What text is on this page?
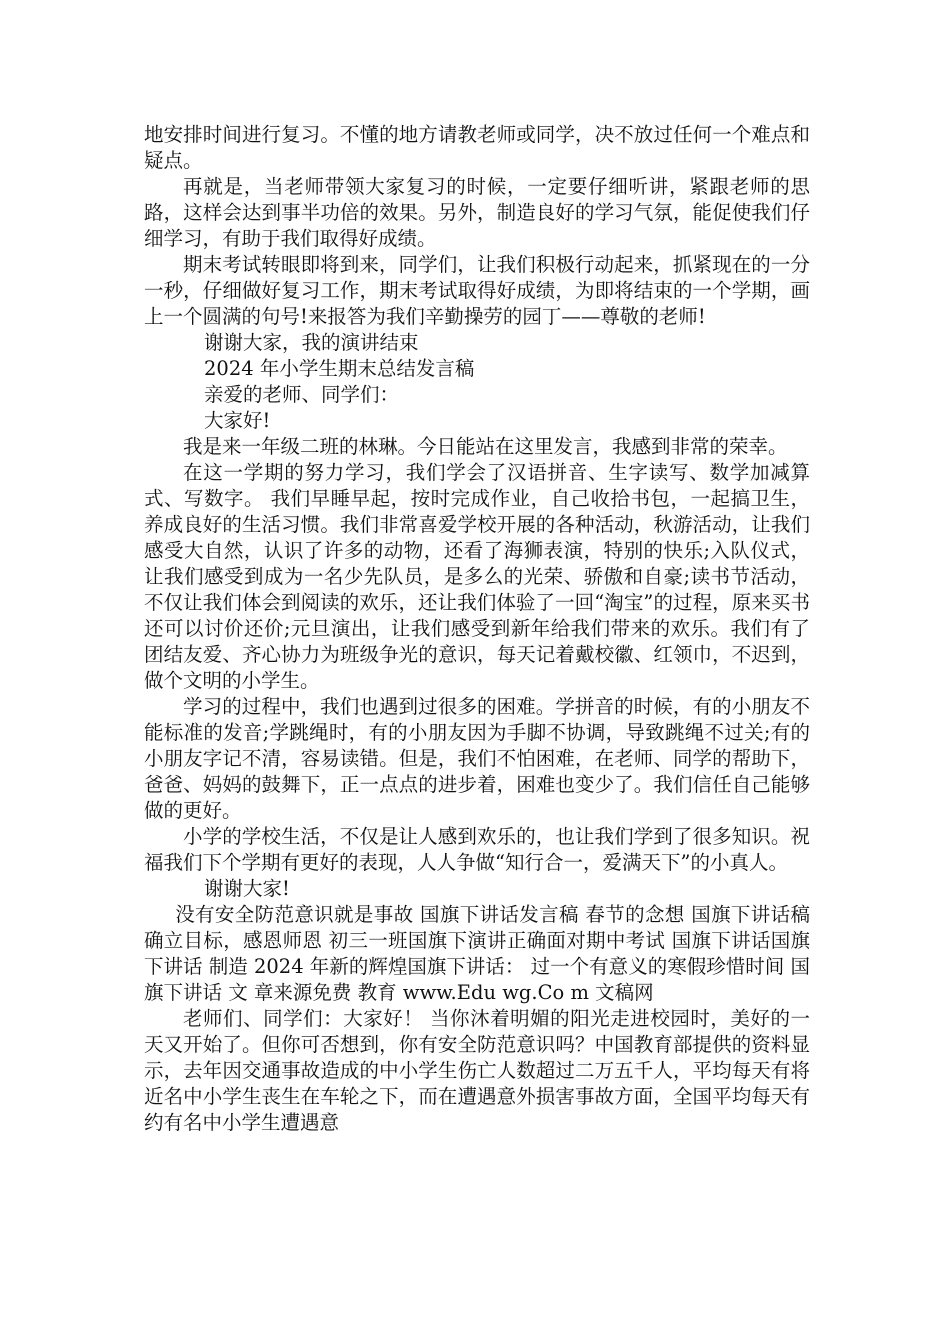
地安排时间进行复习。不懂的地方请教老师或同学，决不放过任何一个难点和疑点。

再就是，当老师带领大家复习的时候，一定要仔细听讲，紧跟老师的思路，这样会达到事半功倍的效果。另外，制造良好的学习气氛，能促使我们仔细学习，有助于我们取得好成绩。

期末考试转眼即将到来，同学们，让我们积极行动起来，抓紧现在的一分一秒，仔细做好复习工作，期末考试取得好成绩，为即将结束的一个学期，画上一个圆满的句号!来报答为我们辛勤操劳的园丁——尊敬的老师!

谢谢大家，我的演讲结束

2024 年小学生期末总结发言稿

亲爱的老师、同学们：

大家好!

我是来一年级二班的林琳。今日能站在这里发言，我感到非常的荣幸。

在这一学期的努力学习，我们学会了汉语拼音、生字读写、数学加减算式、写数字。 我们早睡早起，按时完成作业，自己收拾书包，一起搞卫生，养成良好的生活习惯。我们非常喜爱学校开展的各种活动，秋游活动，让我们感受大自然，认识了许多的动物，还看了海狮表演，特别的快乐;入队仪式，让我们感受到成为一名少先队员，是多么的光荣、骄傲和自豪;读书节活动，不仅让我们体会到阅读的欢乐，还让我们体验了一回“淘宝”的过程，原来买书还可以讨价还价;元旦演出，让我们感受到新年给我们带来的欢乐。我们有了团结友爱、齐心协力为班级争光的意识，每天记着戴校徽、红领巾，不迟到，做个文明的小学生。

学习的过程中，我们也遇到过很多的困难。学拼音的时候，有的小朋友不能标准的发音;学跳绳时，有的小朋友因为手脚不协调，导致跳绳不过关;有的小朋友字记不清，容易读错。但是，我们不怕困难，在老师、同学的帮助下，爸爸、妈妈的鼓舞下，正一点点的进步着，困难也变少了。我们信任自己能够做的更好。

小学的学校生活，不仅是让人感到欢乐的，也让我们学到了很多知识。祝福我们下个学期有更好的表现，人人争做“知行合一，爱满天下”的小真人。

谢谢大家!

没有安全防范意识就是事故 国旗下讲话发言稿 春节的念想 国旗下讲话稿确立目标，感恩师恩 初三一班国旗下演讲正确面对期中考试 国旗下讲话国旗下讲话 制造 2024 年新的辉煌国旗下讲话： 过一个有意义的寒假珍惜时间 国旗下讲话 文 章来源免费 教育 www.Edu wg.Co m 文稿网

老师们、同学们：大家好！ 当你沐着明媚的阳光走进校园时，美好的一天又开始了。但你可否想到，你有安全防范意识吗？中国教育部提供的资料显示，去年因交通事故造成的中小学生伤亡人数超过二万五千人，平均每天有将近名中小学生丧生在车轮之下，而在遭遇意外损害事故方面，全国平均每天有约有名中小学生遭遇意
